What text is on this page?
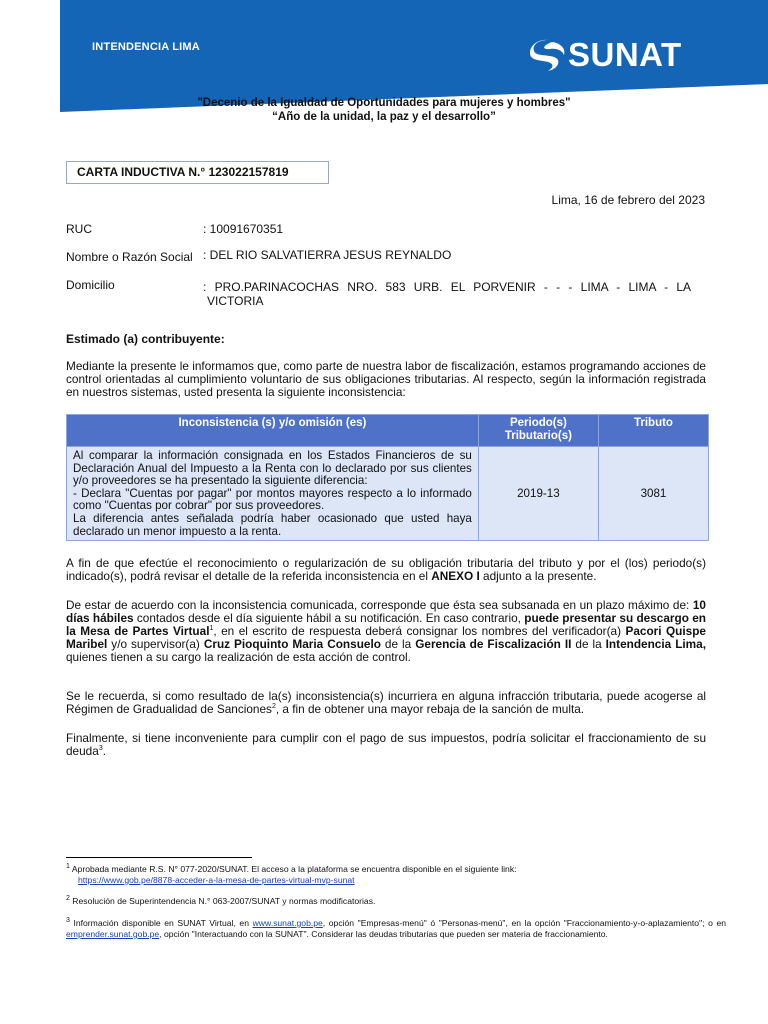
INTENDENCIA LIMA	SUNAT
"Decenio de la Igualdad de Oportunidades para mujeres y hombres"
“Año de la unidad, la paz y el desarrollo”
CARTA INDUCTIVA N.° 123022157819
Lima, 16 de febrero del 2023
RUC	: 10091670351
Nombre o Razón Social : DEL RIO SALVATIERRA JESUS REYNALDO
Domicilio	: PRO.PARINACOCHAS NRO. 583 URB. EL PORVENIR - - - LIMA - LIMA - LA
VICTORIA
Estimado (a) contribuyente:
Mediante la presente le informamos que, como parte de nuestra labor de fiscalización, estamos programando acciones de control orientadas al cumplimiento voluntario de sus obligaciones tributarias. Al respecto, según la información registrada en nuestros sistemas, usted presenta la siguiente inconsistencia:
Inconsistencia (s) y/o omisión (es)	Periodo(s) Tributario(s)	Tributo

Al comparar la información consignada en los Estados Financieros de su Declaración Anual del Impuesto a la Renta con lo declarado por sus clientes y/o proveedores se ha presentado la siguiente diferencia:
- Declara "Cuentas por pagar" por montos mayores respecto a lo informado como "Cuentas por cobrar" por sus proveedores.
La diferencia antes señalada podría haber ocasionado que usted haya declarado un menor impuesto a la renta.	2019-13	3081
A fin de que efectúe el reconocimiento o regularización de su obligación tributaria del tributo y por el (los) periodo(s) indicado(s), podrá revisar el detalle de la referida inconsistencia en el ANEXO I adjunto a la presente.
De estar de acuerdo con la inconsistencia comunicada, corresponde que ésta sea subsanada en un plazo máximo de: 10 días hábiles contados desde el día siguiente hábil a su notificación. En caso contrario, puede presentar su descargo en la Mesa de Partes Virtual$^1$, en el escrito de respuesta deberá consignar los nombres del verificador(a) Pacori Quispe Maribel y/o supervisor(a) Cruz Pioquinto Maria Consuelo de la Gerencia de Fiscalización II de la Intendencia Lima, quienes tienen a su cargo la realización de esta acción de control.
Se le recuerda, si como resultado de la(s) inconsistencia(s) incurriera en alguna infracción tributaria, puede acogerse al Régimen de Gradualidad de Sanciones$^2$, a fin de obtener una mayor rebaja de la sanción de multa.
Finalmente, si tiene inconveniente para cumplir con el pago de sus impuestos, podría solicitar el fraccionamiento de su deuda$^3$.
$^1$ Aprobada mediante R.S. N° 077-2020/SUNAT. El acceso a la plataforma se encuentra disponible en el siguiente link:
https://www.gob.pe/8878-acceder-a-la-mesa-de-partes-virtual-mvp-sunat
$^2$ Resolución de Superintendencia N.° 063-2007/SUNAT y normas modificatorias.
$^3$ Información disponible en SUNAT Virtual, en www.sunat.gob.pe, opción "Empresas-menú" ó "Personas-menú", en la opción "Fraccionamiento-y-o-aplazamiento"; o en emprender.sunat.gob.pe, opción "Interactuando con la SUNAT". Considerar las deudas tributarias que pueden ser materia de fraccionamiento.
